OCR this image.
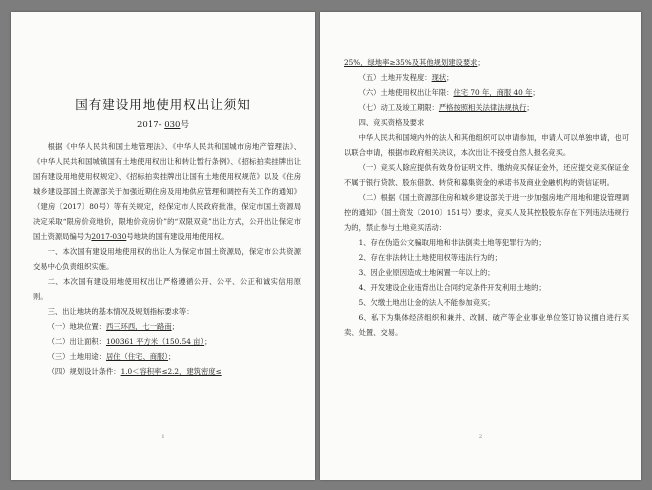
国有建设用地使用权出让须知
2017- 030号

根据《中华人民共和国土地管理法》、《中华人民共和国城市房地产管理法》、《中华人民共和国城镇国有土地使用权出让和转让暂行条例》、《招标拍卖挂牌出让国有建设用地使用权规定》、《招标拍卖挂牌出让国有土地使用权规范》以及《住房城乡建设部国土资源部关于加强近期住房及用地供应管理和调控有关工作的通知》（建房〔2017〕80号）等有关规定，经保定市人民政府批准，保定市国土资源局决定采取“限房价竞地价，限地价竞房价”的“双限双竞”出让方式，公开出让保定市国土资源局编号为2017-030号地块的国有建设用地使用权。

一、本次国有建设用地使用权的出让人为保定市国土资源局，保定市公共资源交易中心负责组织实施。

二、本次国有建设用地使用权出让严格遵循公开、公平、公正和诚实信用原则。

三、出让地块的基本情况及规划指标要求等：

（一）地块位置：西三环西，七一路南；

（二）出让面积：100361 平方米（150.54 亩）；

（三）土地用途：居住（住宅、商服）；

（四）规划设计条件：1.0＜容积率≤2.2，建筑密度≤

1

25%，绿地率≥35%及其他规划建设要求；

（五）土地开发程度：现状；

（六）土地使用权出让年限：住宅 70 年，商服 40 年；

（七）动工及竣工期限：严格按照相关法律法规执行；

四、竞买资格及要求

中华人民共和国境内外的法人和其他组织可以申请参加，申请人可以单独申请，也可以联合申请，根据市政府相关决议，本次出让不接受自然人报名竞买。

（一）竞买人除应提供有效身份证明文件、缴纳竞买保证金外，还应提交竞买保证金不属于银行贷款、股东借款、转贷和募集资金的承诺书及商业金融机构的资信证明。

（二）根据《国土资源部住房和城乡建设部关于进一步加强房地产用地和建设管理调控的通知》（国土资发〔2010〕151号）要求，竞买人及其控股股东存在下列违法违规行为的，禁止参与土地竞买活动：

1、存在伪造公文骗取用地和非法倒卖土地等犯罪行为的；

2、存在非法转让土地使用权等违法行为的；

3、因企业原因造成土地闲置一年以上的；

4、开发建设企业违背出让合同约定条件开发利用土地的；

5、欠缴土地出让金的法人不能参加竞买；

6、私下为集体经济组织和兼并、改制、破产等企业事业单位签订协议擅自进行买卖、处置、交易。

2
